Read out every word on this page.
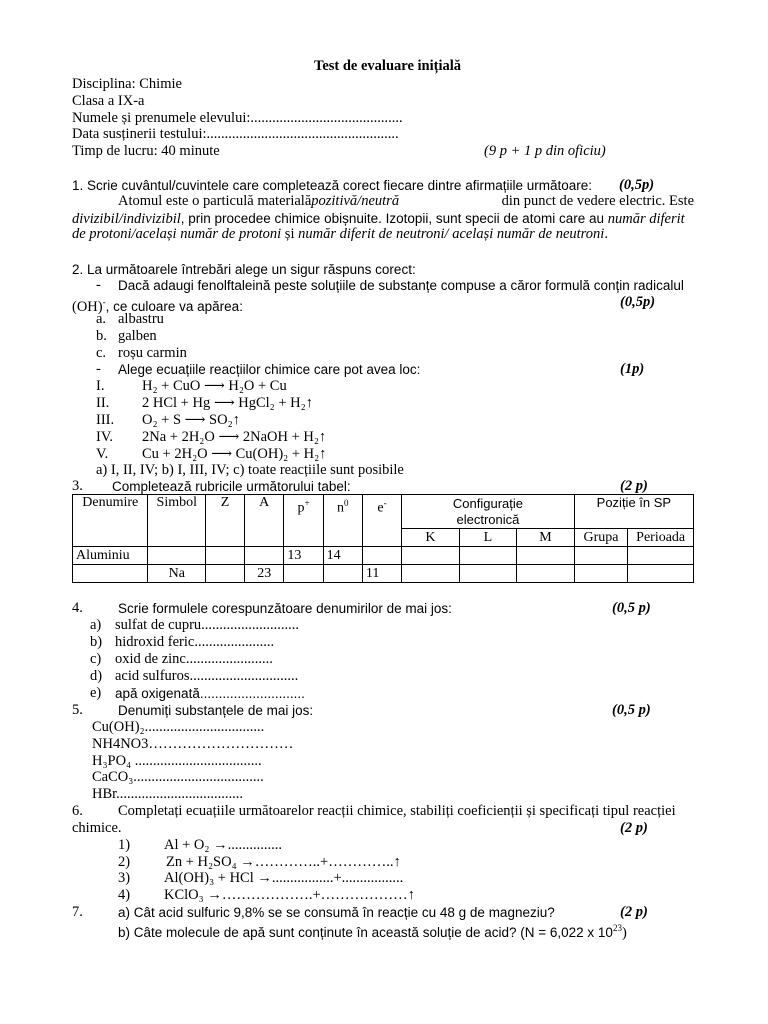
Test de evaluare inițială
Disciplina: Chimie
Clasa a IX-a
Numele și prenumele elevului:..........................................
Data susținerii testului:.....................................................
Timp de lucru: 40 minute	(9 p + 1 p din oficiu)
1. Scrie cuvântul/cuvintele care completează corect fiecare dintre afirmațiile următoare: (0,5p)
Atomul este o particulă materială pozitivă/neutră	din punct de vedere electric. Este
divizibil/indivizibil, prin procedee chimice obișnuite. Izotopii, sunt specii de atomi care au număr diferit
de protoni/același număr de protoni și număr diferit de neutroni/ același număr de neutroni.
2. La următoarele întrebări alege un sigur răspuns corect:
- Dacă adaugi fenolftaleină peste soluțiile de substanțe compuse a căror formulă conțin radicalul
(OH)-, ce culoare va apărea:	(0,5p)
a. albastru
b. galben
c. roșu carmin
- Alege ecuațiile reacțiilor chimice care pot avea loc:	(1p)
I.	H₂ + CuO ⟶ H₂O + Cu
II. 2 HCl + Hg ⟶ HgCl₂ + H₂↑
III. O₂ + S ⟶ SO₂↑
IV. 2Na + 2H₂O ⟶ 2NaOH + H₂↑
V. Cu + 2H₂O ⟶ Cu(OH)₂ + H₂↑
a) I, II, IV; b) I, III, IV; c) toate reacțiile sunt posibile
3. Completează rubricile următorului tabel:	(2 p)
Denumire	Simbol	Z	A	p+	$n^0$	e-	Configurație electronică			Poziție în SP	
							K	L	M	Grupa	Perioada
Aluminiu				13	14						
	Na		23			11					
4.	Scrie formulele corespunzătoare denumirilor de mai jos:	(0,5 p)
a) sulfat de cupru...........................
b) hidroxid feric......................
c) oxid de zinc........................
d) acid sulfuros..............................
e) apă oxigenată............................
5.	Denumiți substanțele de mai jos:	(0,5 p)
Cu(OH)₂.................................
NH4NO3…………………………
H₃PO₄ ...................................
CaCO₃....................................
HBr...................................
6. Completați ecuațiile următoarelor reacții chimice, stabiliți coeficienții și specificați tipul reacției
chimice.	(2 p)
1) Al + O₂ →...............
2) Zn + H₂SO₄ →…………..+…………..↑
3) Al(OH)₃ + HCl →.................+.................
4) KClO₃ →……………….+………………↑
7.	a) Cât acid sulfuric 9,8% se se consumă în reacție cu 48 g de magneziu?	(2 p)
b) Câte molecule de apă sunt conținute în această soluție de acid? (N = 6,022 x $10^{23}$)
